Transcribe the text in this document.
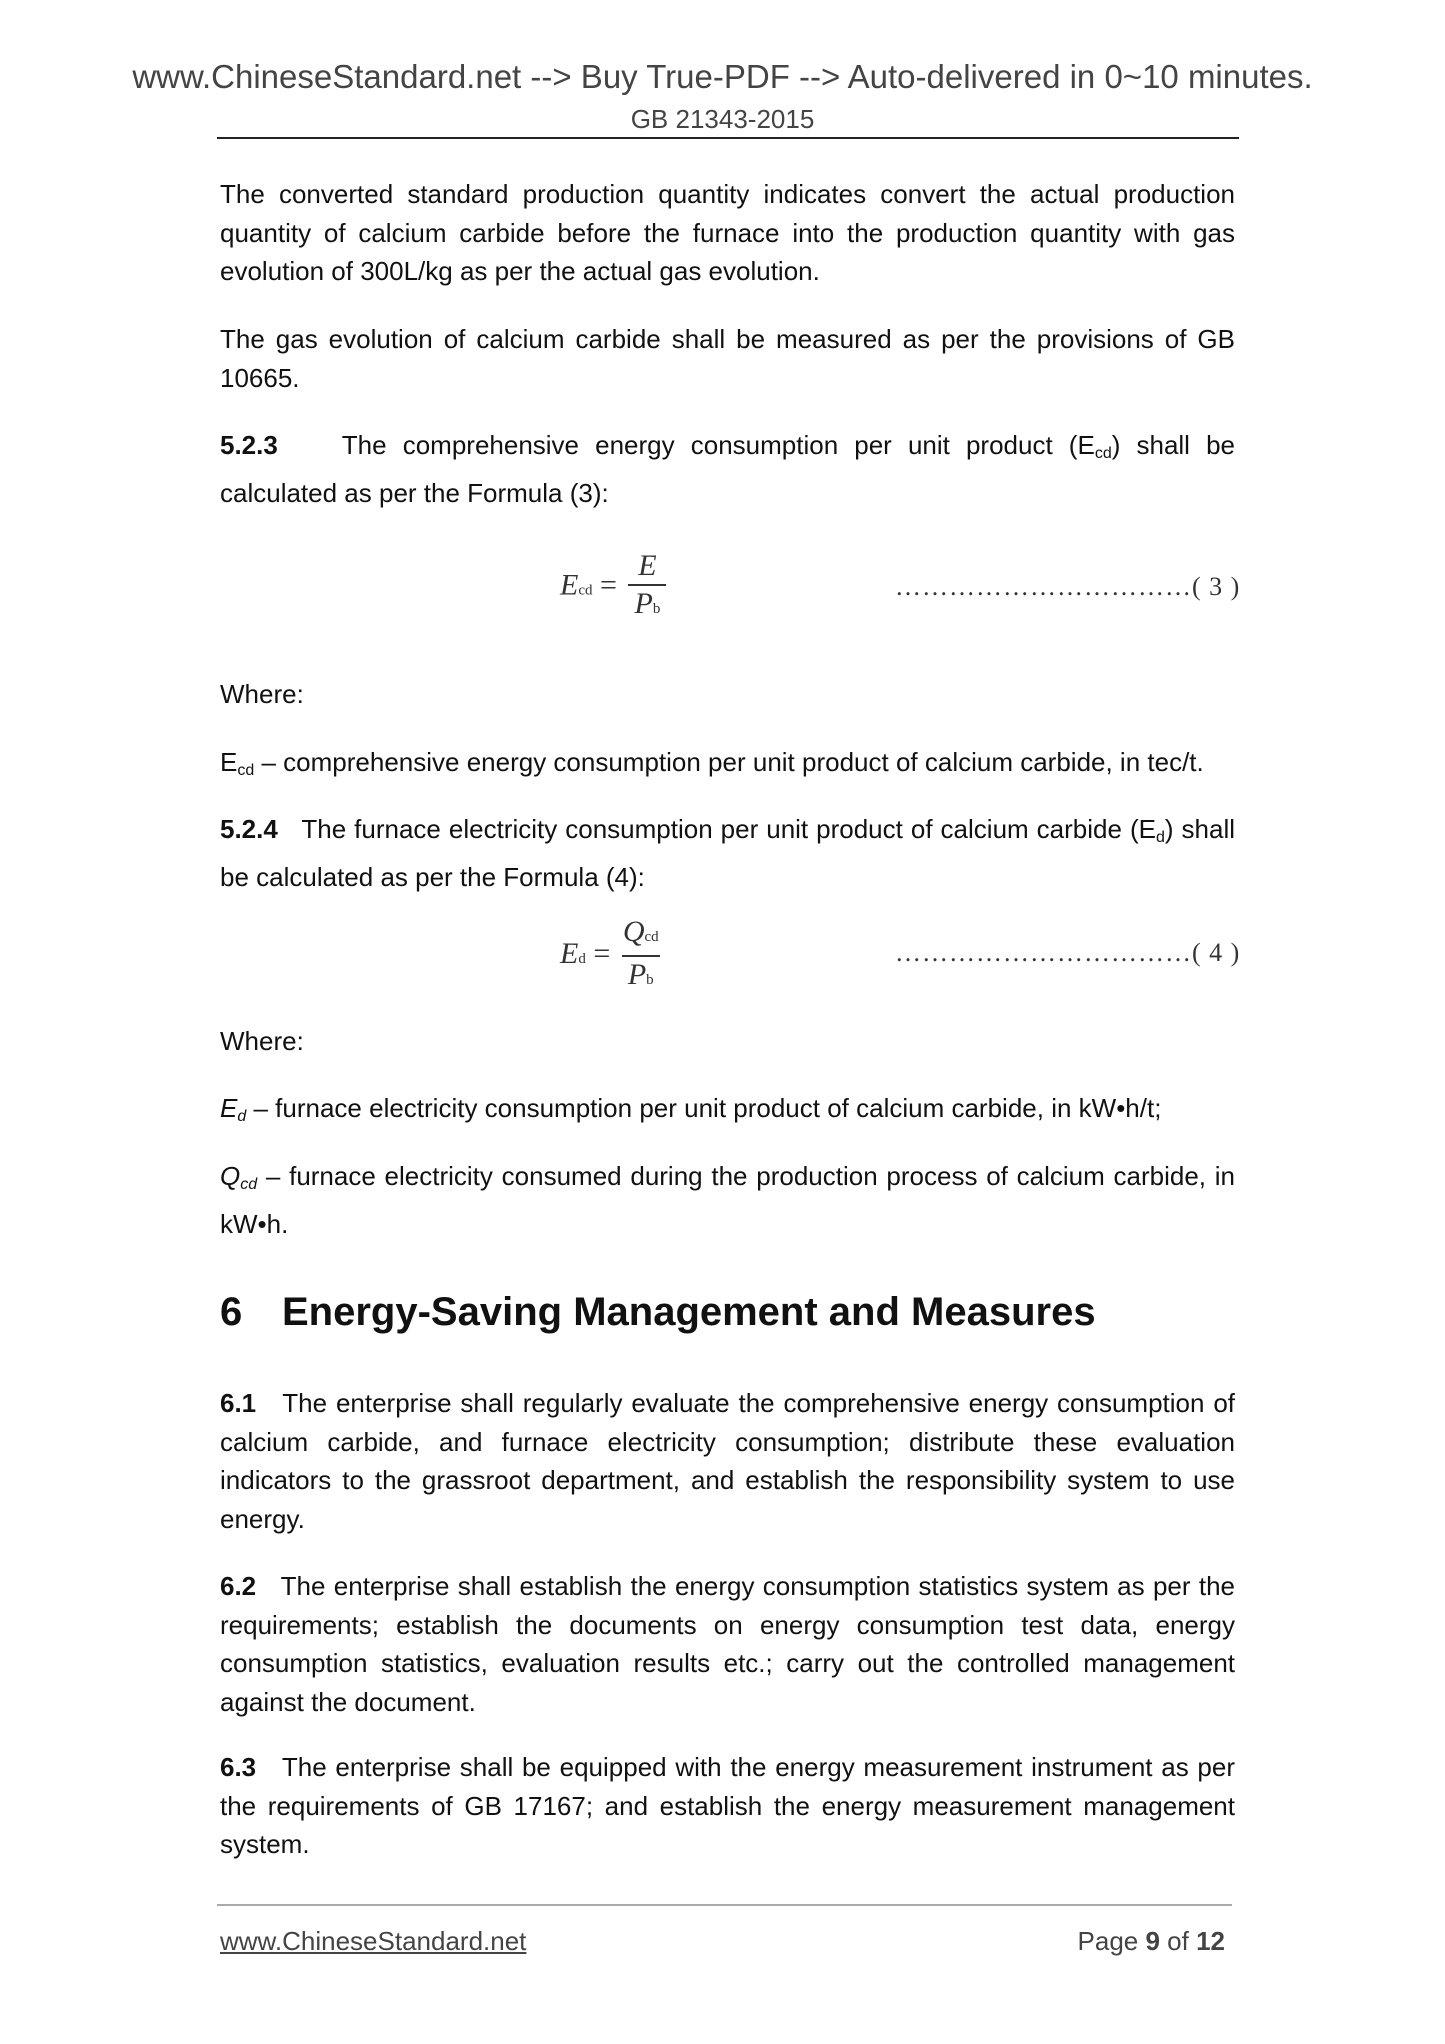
www.ChineseStandard.net --> Buy True-PDF --> Auto-delivered in 0~10 minutes.
GB 21343-2015

The converted standard production quantity indicates convert the actual production quantity of calcium carbide before the furnace into the production quantity with gas evolution of 300L/kg as per the actual gas evolution.

The gas evolution of calcium carbide shall be measured as per the provisions of GB 10665.

5.2.3 The comprehensive energy consumption per unit product $(E_{cd})$ shall be calculated as per the Formula (3):

Ecd = $\frac{E}{Pb}$	……………………………( 3 )

Where:

$E_{cd}$ – comprehensive energy consumption per unit product of calcium carbide, in tec/t.

5.2.4 The furnace electricity consumption per unit product of calcium carbide $(E_d)$ shall be calculated as per the Formula (4):

$Ed = \frac{\text{Qcd}}{Pb}$	……………………………( 4 )

Where:

$E_d$ – furnace electricity consumption per unit product of calcium carbide, in kW•h/t;

$Q_{cd}$ – furnace electricity consumed during the production process of calcium carbide, in kW•h.

6 Energy-Saving Management and Measures

6.1 The enterprise shall regularly evaluate the comprehensive energy consumption of calcium carbide, and furnace electricity consumption; distribute these evaluation indicators to the grassroot department, and establish the responsibility system to use energy.

6.2 The enterprise shall establish the energy consumption statistics system as per the requirements; establish the documents on energy consumption test data, energy consumption statistics, evaluation results etc.; carry out the controlled management against the document.

6.3 The enterprise shall be equipped with the energy measurement instrument as per the requirements of GB 17167; and establish the energy measurement management system.

www.ChineseStandard.net	Page 9 of 12
